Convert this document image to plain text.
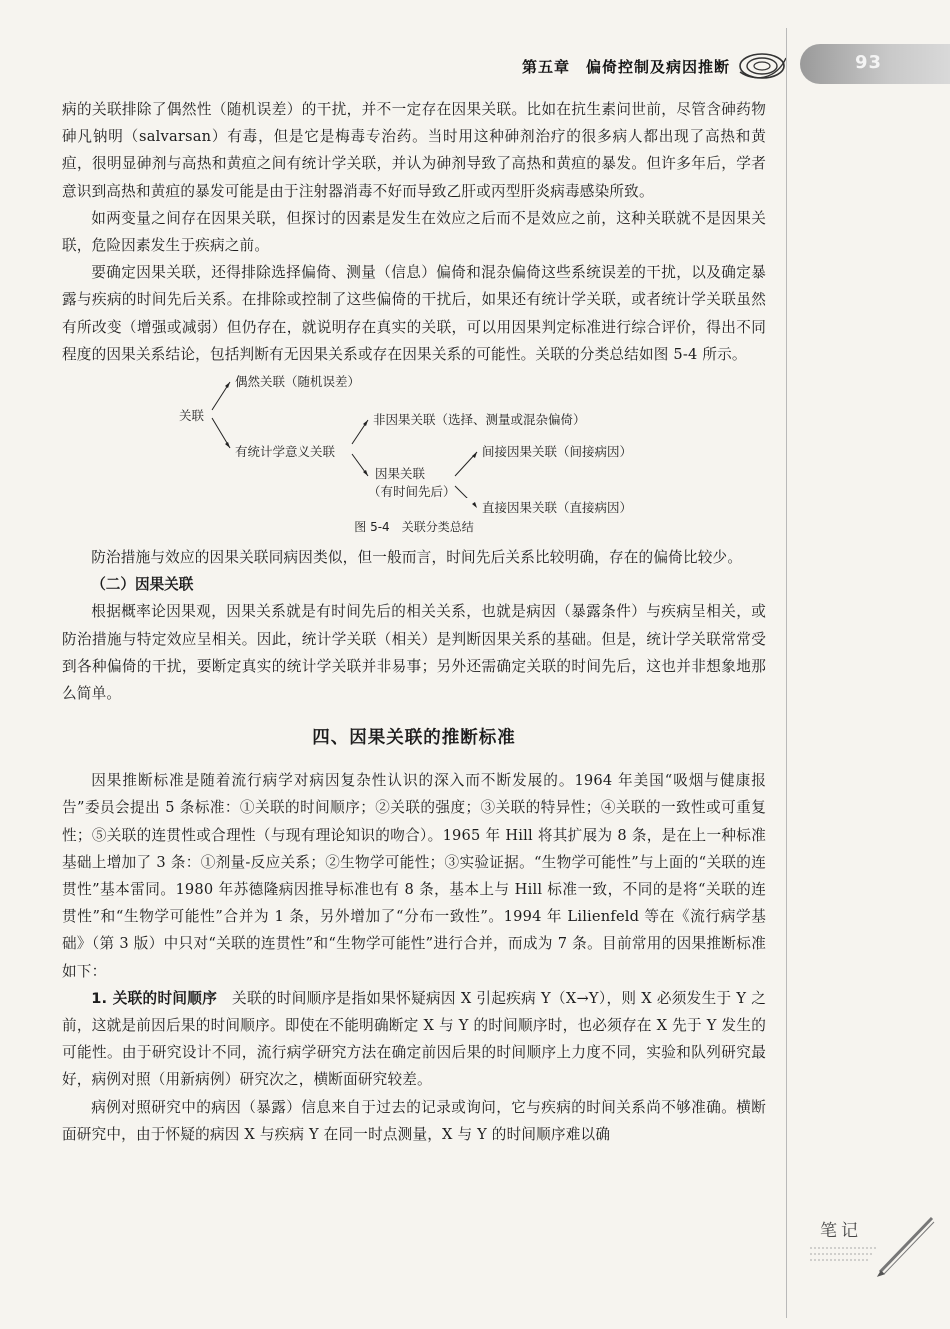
第五章　偏倚控制及病因推断	93

病的关联排除了偶然性（随机误差）的干扰，并不一定存在因果关联。比如在抗生素问世前，尽管含砷药物砷凡钠明（salvarsan）有毒，但是它是梅毒专治药。当时用这种砷剂治疗的很多病人都出现了高热和黄疸，很明显砷剂与高热和黄疸之间有统计学关联，并认为砷剂导致了高热和黄疸的暴发。但许多年后，学者意识到高热和黄疸的暴发可能是由于注射器消毒不好而导致乙肝或丙型肝炎病毒感染所致。

如两变量之间存在因果关联，但探讨的因素是发生在效应之后而不是效应之前，这种关联就不是因果关联，危险因素发生于疾病之前。

要确定因果关联，还得排除选择偏倚、测量（信息）偏倚和混杂偏倚这些系统误差的干扰，以及确定暴露与疾病的时间先后关系。在排除或控制了这些偏倚的干扰后，如果还有统计学关联，或者统计学关联虽然有所改变（增强或减弱）但仍存在，就说明存在真实的关联，可以用因果判定标准进行综合评价，得出不同程度的因果关系结论，包括判断有无因果关系或存在因果关系的可能性。关联的分类总结如图 5-4 所示。

关联
偶然关联（随机误差）
有统计学意义关联
非因果关联（选择、测量或混杂偏倚）
因果关联
（有时间先后）
间接因果关联（间接病因）
直接因果关联（直接病因）
图 5-4　关联分类总结

防治措施与效应的因果关联同病因类似，但一般而言，时间先后关系比较明确，存在的偏倚比较少。

（二）因果关联

根据概率论因果观，因果关系就是有时间先后的相关关系，也就是病因（暴露条件）与疾病呈相关，或防治措施与特定效应呈相关。因此，统计学关联（相关）是判断因果关系的基础。但是，统计学关联常常受到各种偏倚的干扰，要断定真实的统计学关联并非易事；另外还需确定关联的时间先后，这也并非想象地那么简单。

四、因果关联的推断标准

因果推断标准是随着流行病学对病因复杂性认识的深入而不断发展的。1964 年美国“吸烟与健康报告”委员会提出 5 条标准：①关联的时间顺序；②关联的强度；③关联的特异性；④关联的一致性或可重复性；⑤关联的连贯性或合理性（与现有理论知识的吻合）。1965 年 Hill 将其扩展为 8 条，是在上一种标准基础上增加了 3 条：①剂量-反应关系；②生物学可能性；③实验证据。“生物学可能性”与上面的“关联的连贯性”基本雷同。1980 年苏德隆病因推导标准也有 8 条，基本上与 Hill 标准一致，不同的是将“关联的连贯性”和“生物学可能性”合并为 1 条，另外增加了“分布一致性”。1994 年 Lilienfeld 等在《流行病学基础》（第 3 版）中只对“关联的连贯性”和“生物学可能性”进行合并，而成为 7 条。目前常用的因果推断标准如下：

1. 关联的时间顺序　关联的时间顺序是指如果怀疑病因 X 引起疾病 Y（X→Y），则 X 必须发生于 Y 之前，这就是前因后果的时间顺序。即使在不能明确断定 X 与 Y 的时间顺序时，也必须存在 X 先于 Y 发生的可能性。由于研究设计不同，流行病学研究方法在确定前因后果的时间顺序上力度不同，实验和队列研究最好，病例对照（用新病例）研究次之，横断面研究较差。

病例对照研究中的病因（暴露）信息来自于过去的记录或询问，它与疾病的时间关系尚不够准确。横断面研究中，由于怀疑的病因 X 与疾病 Y 在同一时点测量，X 与 Y 的时间顺序难以确

笔记
